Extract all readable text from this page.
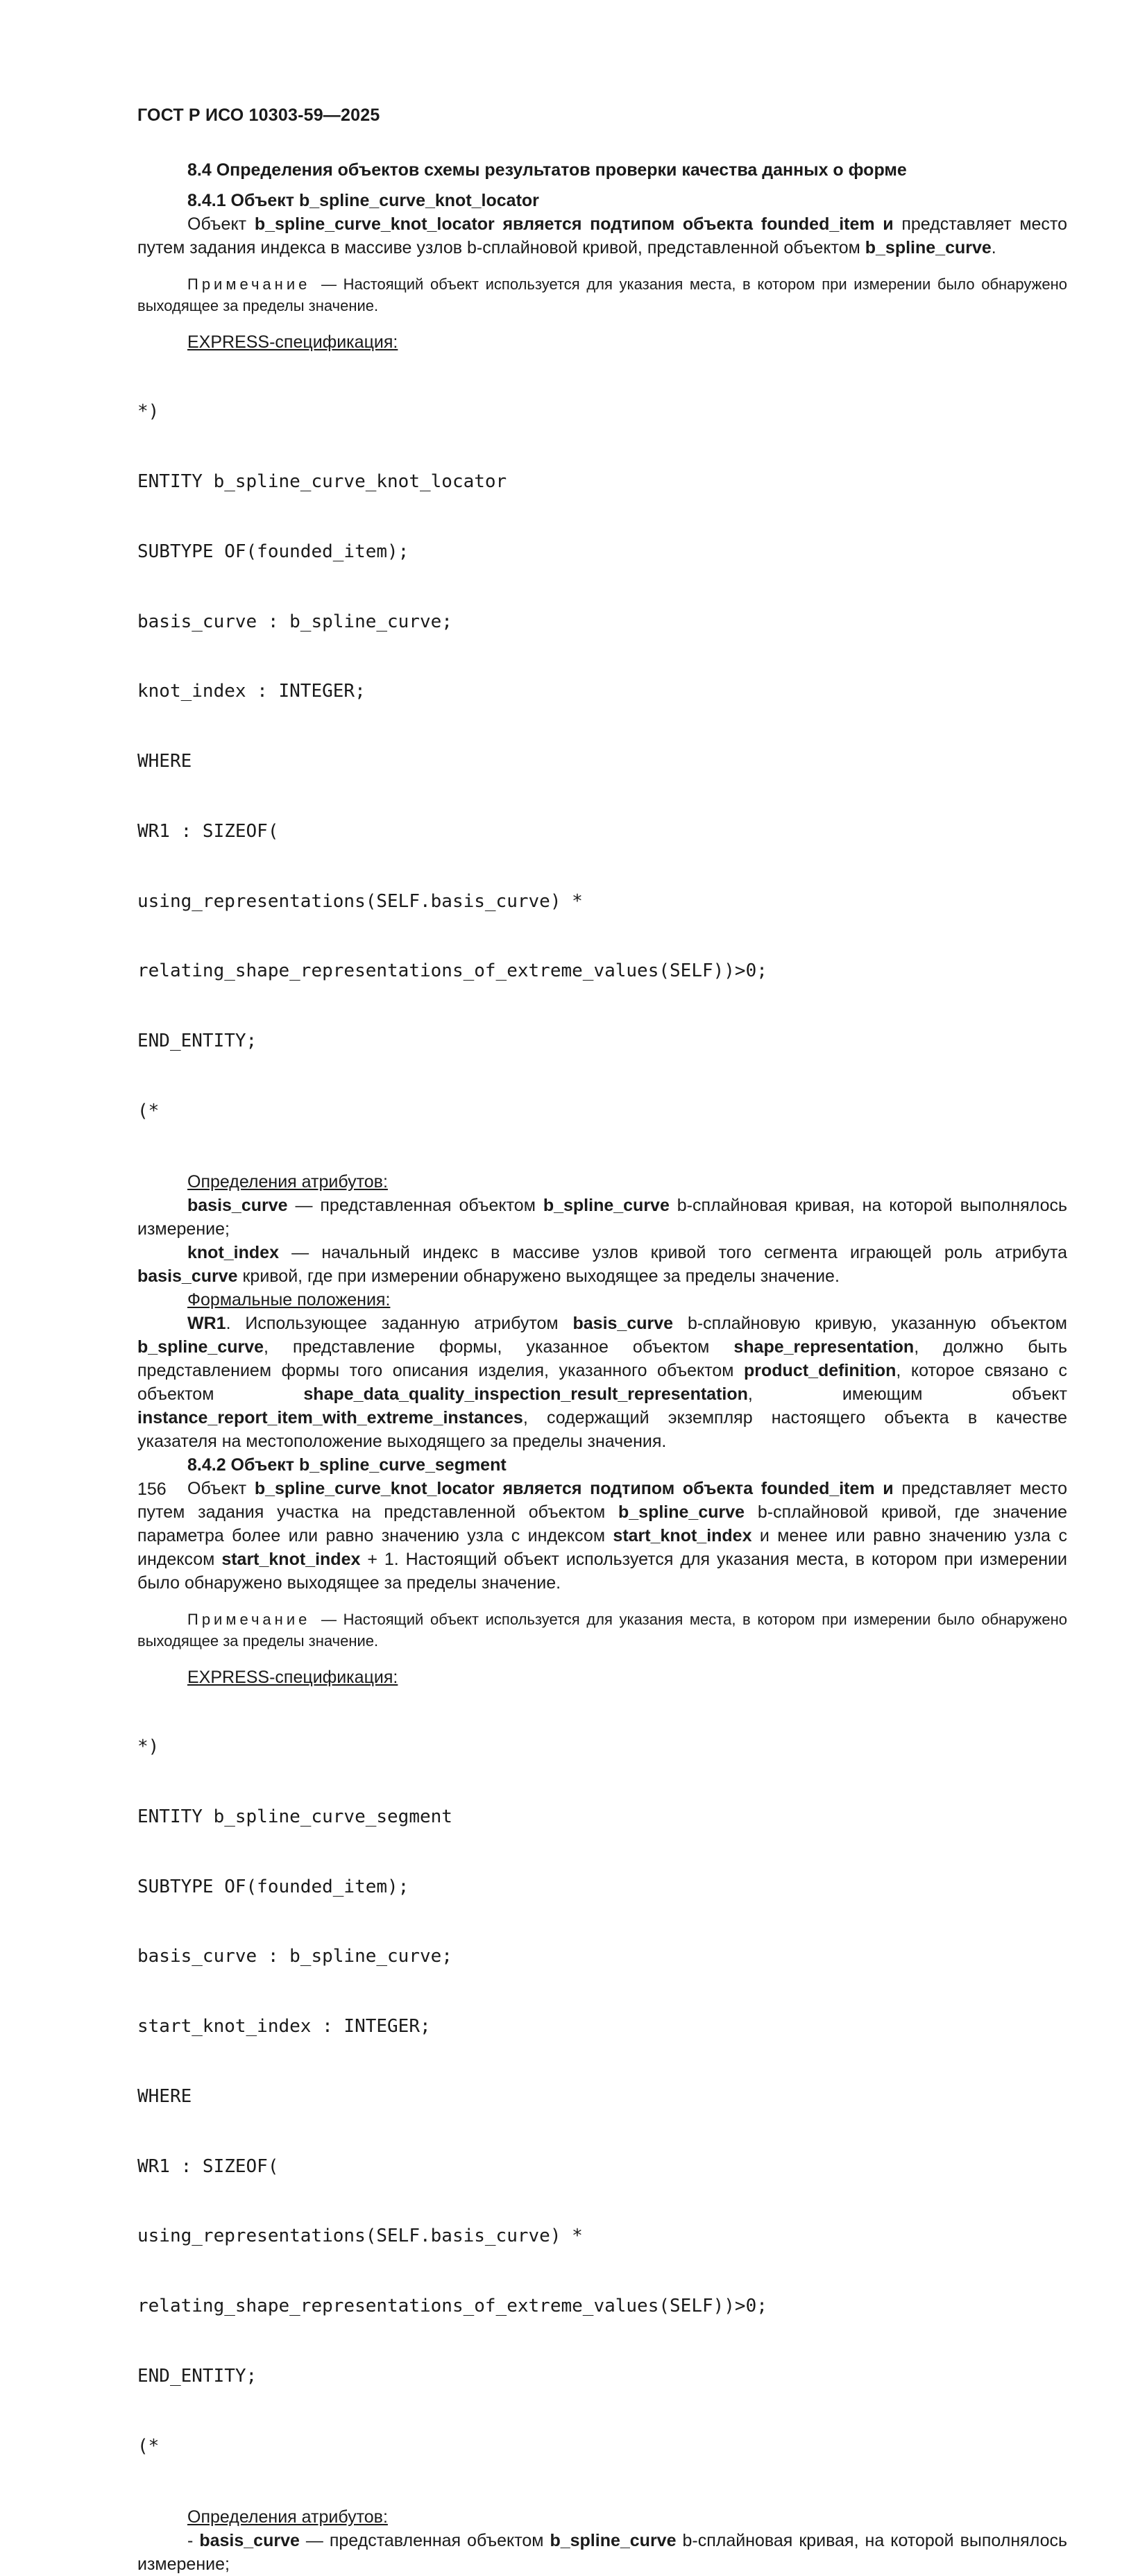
ГОСТ Р ИСО 10303-59—2025
8.4 Определения объектов схемы результатов проверки качества данных о форме
8.4.1 Объект b_spline_curve_knot_locator

Объект b_spline_curve_knot_locator является подтипом объекта founded_item и представляет место путем задания индекса в массиве узлов b-сплайновой кривой, представленной объектом b_spline_curve.

Примечание — Настоящий объект используется для указания места, в котором при измерении было обнаружено выходящее за пределы значение.

EXPRESS-спецификация:

*)

ENTITY b_spline_curve_knot_locator

SUBTYPE OF(founded_item);

basis_curve : b_spline_curve;

knot_index : INTEGER;

WHERE

WR1 : SIZEOF(

using_representations(SELF.basis_curve) *

relating_shape_representations_of_extreme_values(SELF))>0;

END_ENTITY;

(*

Определения атрибутов:

basis_curve — представленная объектом b_spline_curve b-сплайновая кривая, на которой выполнялось измерение;

knot_index — начальный индекс в массиве узлов кривой того сегмента играющей роль атрибута basis_curve кривой, где при измерении обнаружено выходящее за пределы значение.

Формальные положения:

WR1. Использующее заданную атрибутом basis_curve b-сплайновую кривую, указанную объектом b_spline_curve, представление формы, указанное объектом shape_representation, должно быть представлением формы того описания изделия, указанного объектом product_definition, которое связано с объектом shape_data_quality_inspection_result_representation, имеющим объект instance_report_item_with_extreme_instances, содержащий экземпляр настоящего объекта в качестве указателя на местоположение выходящего за пределы значения.

8.4.2 Объект b_spline_curve_segment

Объект b_spline_curve_knot_locator является подтипом объекта founded_item и представляет место путем задания участка на представленной объектом b_spline_curve b-сплайновой кривой, где значение параметра более или равно значению узла с индексом start_knot_index и менее или равно значению узла с индексом start_knot_index + 1. Настоящий объект используется для указания места, в котором при измерении было обнаружено выходящее за пределы значение.

Примечание — Настоящий объект используется для указания места, в котором при измерении было обнаружено выходящее за пределы значение.

EXPRESS-спецификация:

*)

ENTITY b_spline_curve_segment

SUBTYPE OF(founded_item);

basis_curve : b_spline_curve;

start_knot_index : INTEGER;

WHERE

WR1 : SIZEOF(

using_representations(SELF.basis_curve) *

relating_shape_representations_of_extreme_values(SELF))>0;

END_ENTITY;

(*

Определения атрибутов:

- basis_curve — представленная объектом b_spline_curve b-сплайновая кривая, на которой выполнялось измерение;

156
